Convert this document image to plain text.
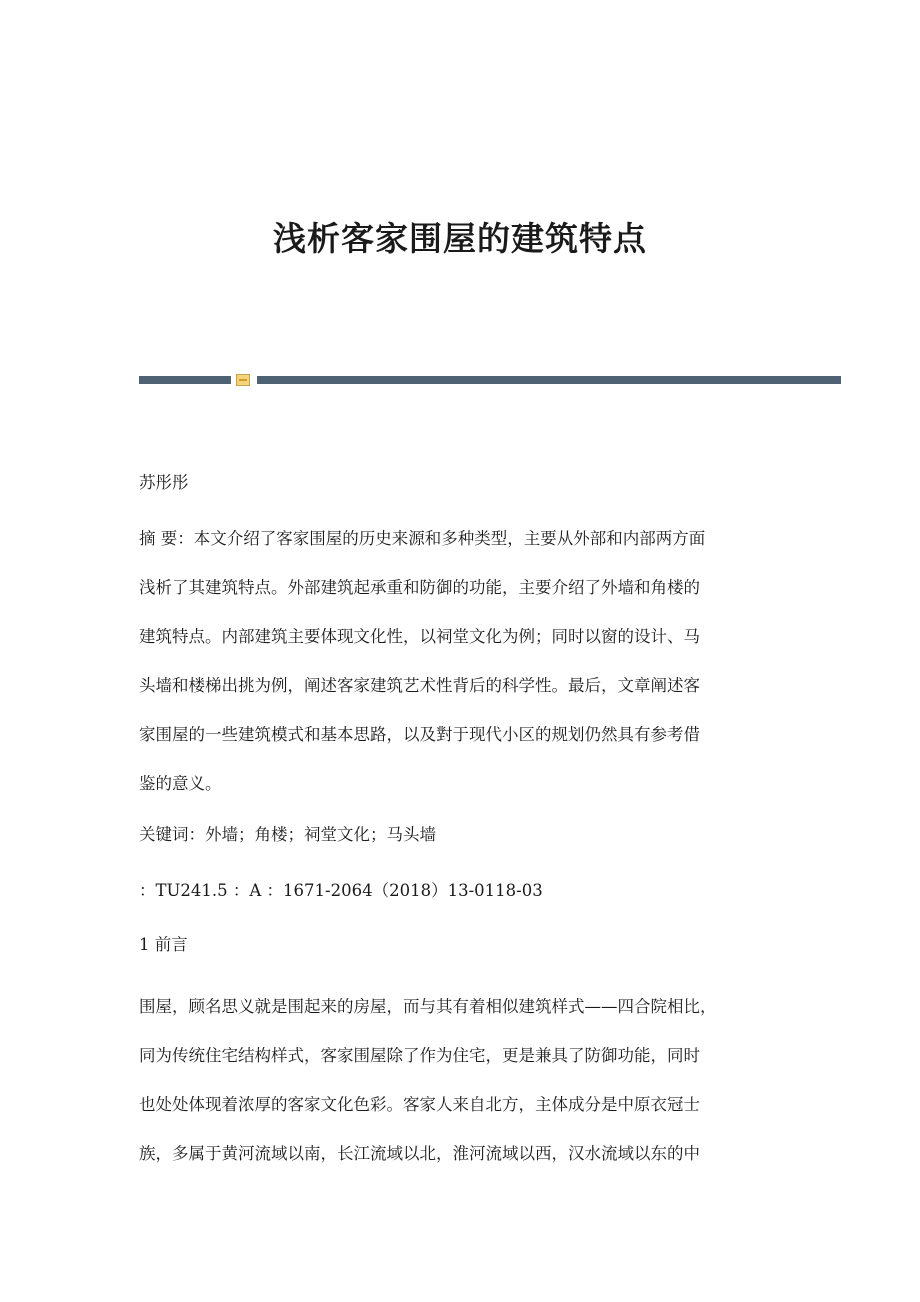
浅析客家围屋的建筑特点
苏彤彤
摘 要：本文介绍了客家围屋的历史来源和多种类型，主要从外部和内部两方面
浅析了其建筑特点。外部建筑起承重和防御的功能，主要介绍了外墙和角楼的
建筑特点。内部建筑主要体现文化性，以祠堂文化为例；同时以窗的设计、马
头墙和楼梯出挑为例，阐述客家建筑艺术性背后的科学性。最后，文章阐述客
家围屋的一些建筑模式和基本思路，以及對于现代小区的规划仍然具有参考借
鉴的意义。
关键词：外墙；角楼；祠堂文化；马头墙
：TU241.5 ：A ：1671-2064（2018）13-0118-03
1 前言
围屋，顾名思义就是围起来的房屋，而与其有着相似建筑样式——四合院相比，
同为传统住宅结构样式，客家围屋除了作为住宅，更是兼具了防御功能，同时
也处处体现着浓厚的客家文化色彩。客家人来自北方，主体成分是中原衣冠士
族，多属于黄河流域以南，长江流域以北，淮河流域以西，汉水流域以东的中
